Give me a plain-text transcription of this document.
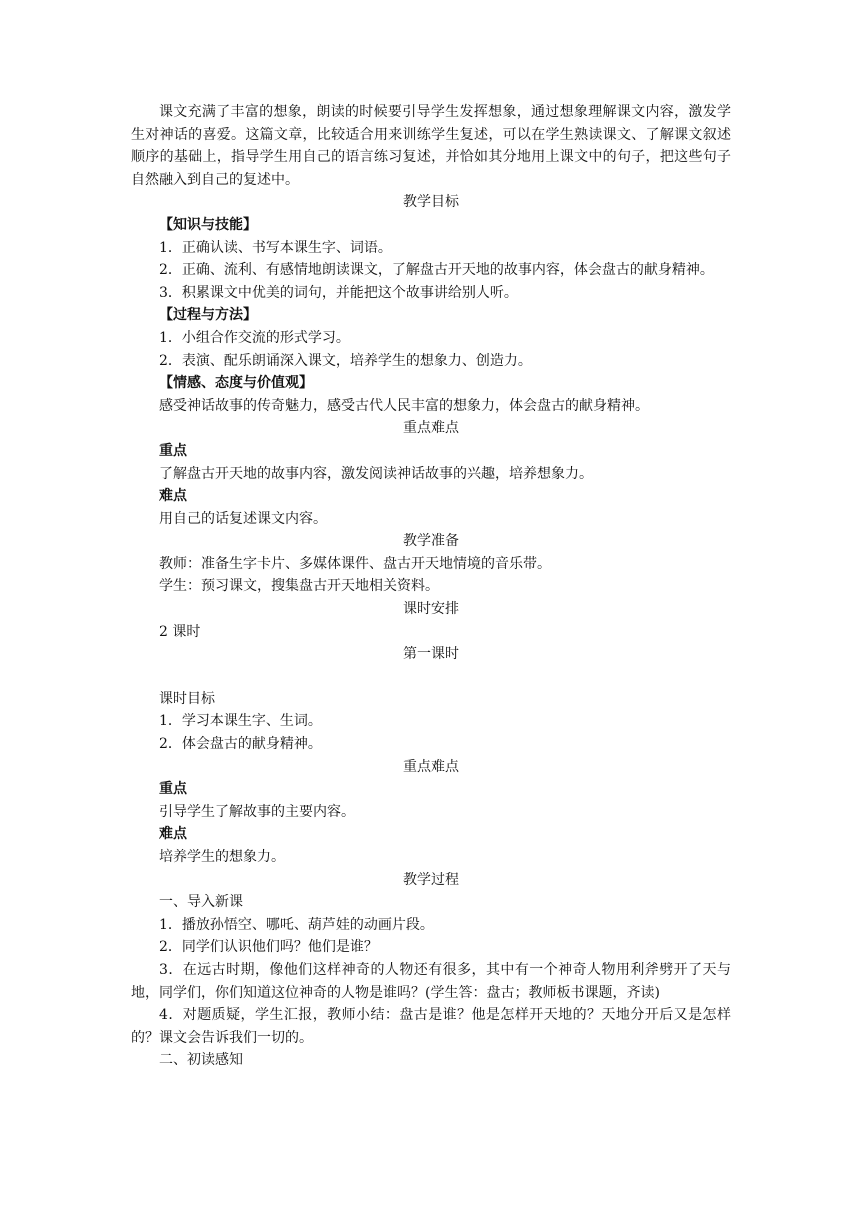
课文充满了丰富的想象，朗读的时候要引导学生发挥想象，通过想象理解课文内容，激发学生对神话的喜爱。这篇文章，比较适合用来训练学生复述，可以在学生熟读课文、了解课文叙述顺序的基础上，指导学生用自己的语言练习复述，并恰如其分地用上课文中的句子，把这些句子自然融入到自己的复述中。

教学目标

【知识与技能】

1．正确认读、书写本课生字、词语。

2．正确、流利、有感情地朗读课文，了解盘古开天地的故事内容，体会盘古的献身精神。

3．积累课文中优美的词句，并能把这个故事讲给别人听。

【过程与方法】

1．小组合作交流的形式学习。

2．表演、配乐朗诵深入课文，培养学生的想象力、创造力。

【情感、态度与价值观】

感受神话故事的传奇魅力，感受古代人民丰富的想象力，体会盘古的献身精神。

重点难点

重点

了解盘古开天地的故事内容，激发阅读神话故事的兴趣，培养想象力。

难点

用自己的话复述课文内容。

教学准备

教师：准备生字卡片、多媒体课件、盘古开天地情境的音乐带。

学生：预习课文，搜集盘古开天地相关资料。

课时安排

2 课时

第一课时

课时目标

1．学习本课生字、生词。

2．体会盘古的献身精神。

重点难点

重点

引导学生了解故事的主要内容。

难点

培养学生的想象力。

教学过程

一、导入新课

1．播放孙悟空、哪吒、葫芦娃的动画片段。

2．同学们认识他们吗？他们是谁？

3．在远古时期，像他们这样神奇的人物还有很多，其中有一个神奇人物用利斧劈开了天与地，同学们，你们知道这位神奇的人物是谁吗？(学生答：盘古；教师板书课题，齐读)

4．对题质疑，学生汇报，教师小结：盘古是谁？他是怎样开天地的？天地分开后又是怎样的？课文会告诉我们一切的。

二、初读感知
